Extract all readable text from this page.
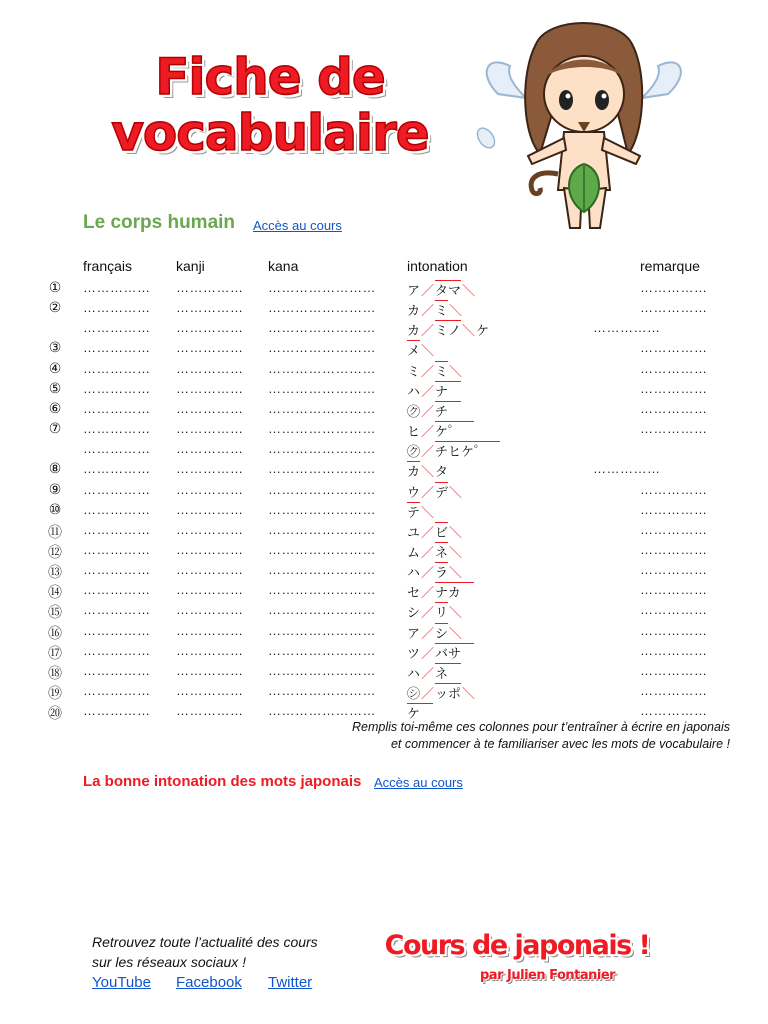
Fiche de
vocabulaire
Le corps humain Accès au cours
français	kanji	kana	intonation	remarque
① …………… …………… …………………… ア／タマ＼	……………
② …………… …………… …………………… カ／ミ＼	……………
…………… …………… …………………… カ／ミノ＼ケ	……………
③ …………… …………… …………………… メ＼	……………
④ …………… …………… …………………… ミ／ミ＼	……………
⑤ …………… …………… …………………… ハ／ナ　	……………
⑥ …………… …………… …………………… ㋗／チ　	……………
⑦ …………… …………… …………………… ヒ／ケ゜　	……………
…………… …………… …………………… ㋗／チヒケ゜　
⑧ …………… …………… …………………… カ＼タ	……………
⑨ …………… …………… …………………… ウ／デ＼	……………
⑩ …………… …………… …………………… テ＼	……………
⑪ …………… …………… …………………… ユ／ビ＼	……………
⑫ …………… …………… …………………… ム／ネ＼	……………
⑬ …………… …………… …………………… ハ／ラ＼	……………
⑭ …………… …………… …………………… セ／ナカ　	……………
⑮ …………… …………… …………………… シ／リ＼	……………
⑯ …………… …………… …………………… ア／シ＼	……………
⑰ …………… …………… …………………… ツ／バサ　	……………
⑱ …………… …………… …………………… ハ／ネ　	……………
⑲ …………… …………… …………………… ㋛／ッポ＼	……………
⑳ …………… …………… …………………… ケ　	……………
Remplis toi-même ces colonnes pour t’entraîner à écrire en japonais
et commencer à te familiariser avec les mots de vocabulaire !
La bonne intonation des mots japonais Accès au cours
Retrouvez toute l’actualité des cours
sur les réseaux sociaux !
YouTube Facebook Twitter
Cours de japonais !
par Julien Fontanier
